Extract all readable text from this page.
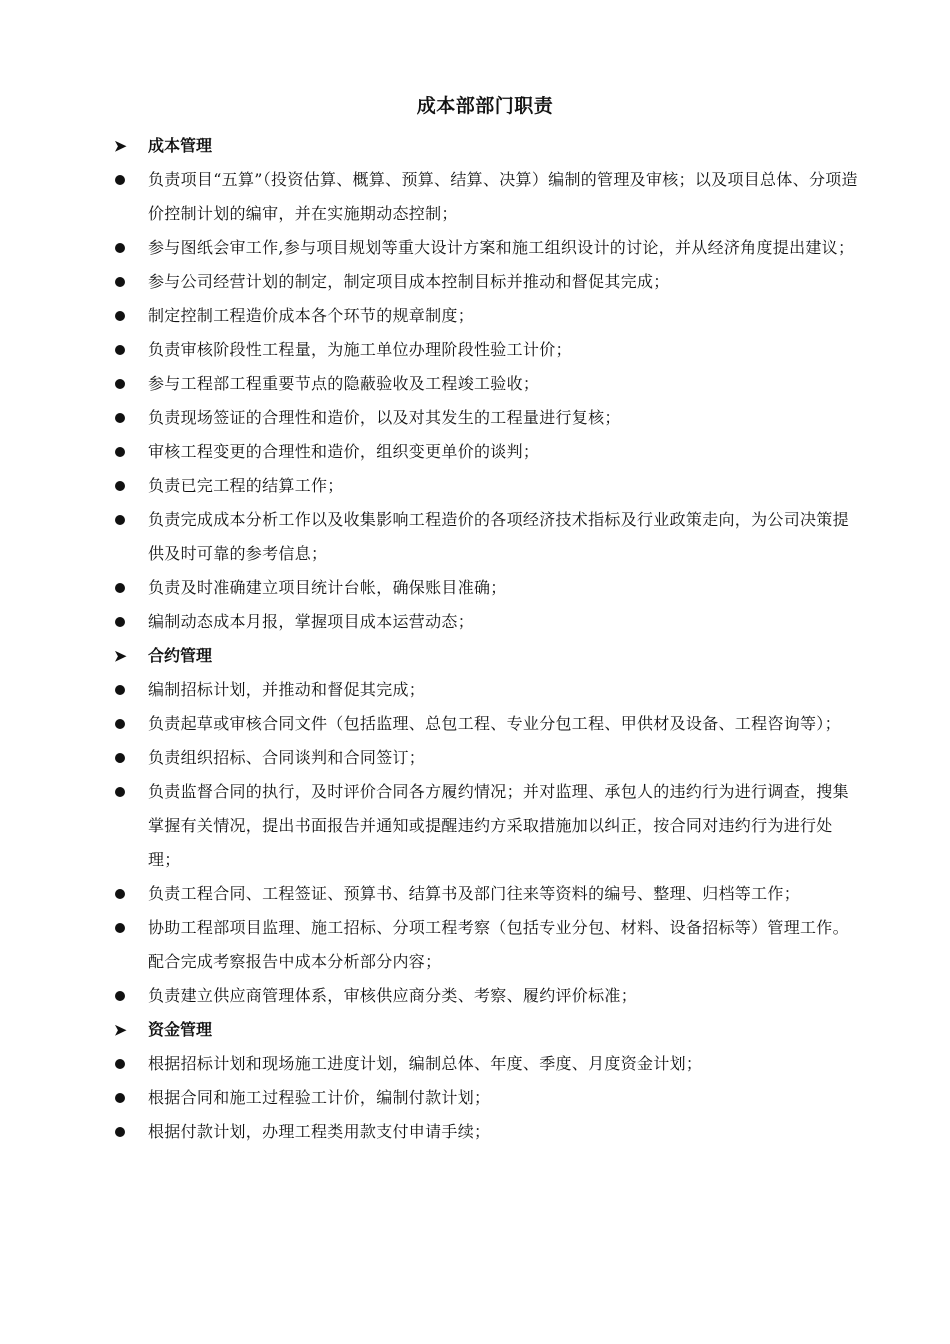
成本部部门职责
➤	成本管理
负责项目“五算”（投资估算、概算、预算、结算、决算）编制的管理及审核；以及项目总体、分项造价控制计划的编审，并在实施期动态控制；
参与图纸会审工作,参与项目规划等重大设计方案和施工组织设计的讨论，并从经济角度提出建议；
参与公司经营计划的制定，制定项目成本控制目标并推动和督促其完成；
制定控制工程造价成本各个环节的规章制度；
负责审核阶段性工程量，为施工单位办理阶段性验工计价；
参与工程部工程重要节点的隐蔽验收及工程竣工验收；
负责现场签证的合理性和造价，以及对其发生的工程量进行复核；
审核工程变更的合理性和造价，组织变更单价的谈判；
负责已完工程的结算工作；
负责完成成本分析工作以及收集影响工程造价的各项经济技术指标及行业政策走向，为公司决策提供及时可靠的参考信息；
负责及时准确建立项目统计台帐，确保账目准确；
编制动态成本月报，掌握项目成本运营动态；
➤	合约管理
编制招标计划，并推动和督促其完成；
负责起草或审核合同文件（包括监理、总包工程、专业分包工程、甲供材及设备、工程咨询等）；
负责组织招标、合同谈判和合同签订；
负责监督合同的执行，及时评价合同各方履约情况；并对监理、承包人的违约行为进行调查，搜集掌握有关情况，提出书面报告并通知或提醒违约方采取措施加以纠正，按合同对违约行为进行处理；
负责工程合同、工程签证、预算书、结算书及部门往来等资料的编号、整理、归档等工作；
协助工程部项目监理、施工招标、分项工程考察（包括专业分包、材料、设备招标等）管理工作。配合完成考察报告中成本分析部分内容；
负责建立供应商管理体系，审核供应商分类、考察、履约评价标准；
➤	资金管理
根据招标计划和现场施工进度计划，编制总体、年度、季度、月度资金计划；
根据合同和施工过程验工计价，编制付款计划；
根据付款计划，办理工程类用款支付申请手续；
